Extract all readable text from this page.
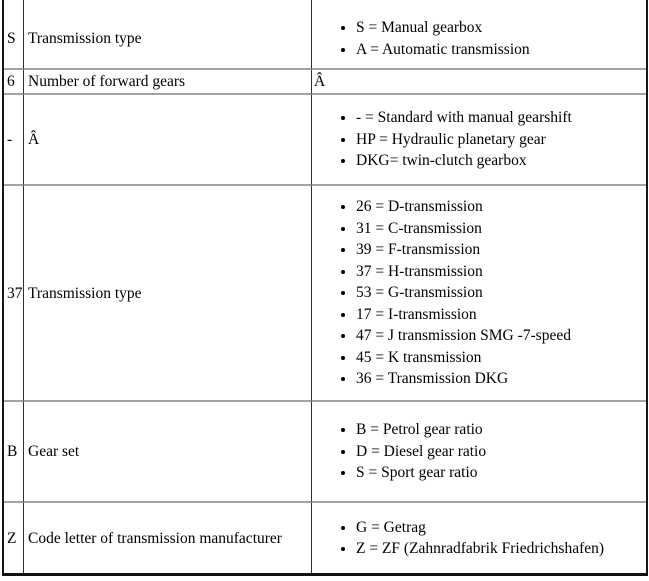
S	Transmission type	
• S = Manual gearbox
• A = Automatic transmission

6	Number of forward gears	Â
-	Â	
• - = Standard with manual gearshift
• HP = Hydraulic planetary gear
• DKG= twin-clutch gearbox

37	Transmission type	
• 26 = D-transmission
• 31 = C-transmission
• 39 = F-transmission
• 37 = H-transmission
• 53 = G-transmission
• 17 = I-transmission
• 47 = J transmission SMG -7-speed
• 45 = K transmission
• 36 = Transmission DKG

B	Gear set	
• B = Petrol gear ratio
• D = Diesel gear ratio
• S = Sport gear ratio

Z	Code letter of transmission manufacturer	
• G = Getrag
• Z = ZF (Zahnradfabrik Friedrichshafen)
